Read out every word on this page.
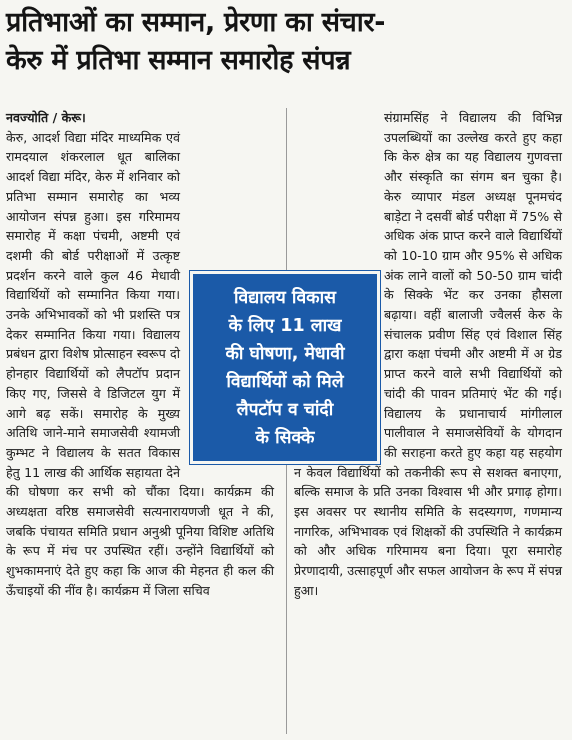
प्रतिभाओं का सम्मान, प्रेरणा का संचार-
केरु में प्रतिभा सम्मान समारोह संपन्न
नवज्योति / केरू।
केरु, आदर्श विद्या मंदिर माध्यमिक एवं रामदयाल शंकरलाल धूत बालिका आदर्श विद्या मंदिर, केरु में शनिवार को प्रतिभा सम्मान समारोह का भव्य आयोजन संपन्न हुआ। इस गरिमामय समारोह में कक्षा पंचमी, अष्टमी एवं दशमी की बोर्ड परीक्षाओं में उत्कृष्ट प्रदर्शन करने वाले कुल 46 मेधावी विद्यार्थियों को सम्मानित किया गया। उनके अभिभावकों को भी प्रशस्ति पत्र देकर सम्मानित किया गया। विद्यालय प्रबंधन द्वारा विशेष प्रोत्साहन स्वरूप दो होनहार विद्यार्थियों को लैपटॉप प्रदान किए गए, जिससे वे डिजिटल युग में आगे बढ़ सकें। समारोह के मुख्य अतिथि जाने-माने समाजसेवी श्यामजी कुम्भट ने विद्यालय के सतत विकास हेतु 11 लाख की आर्थिक सहायता देने की घोषणा कर सभी को चौंका दिया। कार्यक्रम की अध्यक्षता वरिष्ठ समाजसेवी सत्यनारायणजी धूत ने की, जबकि पंचायत समिति प्रधान अनुश्री पूनिया विशिष्ट अतिथि के रूप में मंच पर उपस्थित रहीं। उन्होंने विद्यार्थियों को शुभकामनाएं देते हुए कहा कि आज की मेहनत ही कल की ऊँचाइयों की नींव है। कार्यक्रम में जिला सचिव
संग्रामसिंह ने विद्यालय की विभिन्न उपलब्धियों का उल्लेख करते हुए कहा कि केरु क्षेत्र का यह विद्यालय गुणवत्ता और संस्कृति का संगम बन चुका है। केरु व्यापार मंडल अध्यक्ष पूनमचंद बाड़ेटा ने दसवीं बोर्ड परीक्षा में 75% से अधिक अंक प्राप्त करने वाले विद्यार्थियों को 10-10 ग्राम और 95% से अधिक अंक लाने वालों को 50-50 ग्राम चांदी के सिक्के भेंट कर उनका हौसला बढ़ाया। वहीं बालाजी ज्वैलर्स केरु के संचालक प्रवीण सिंह एवं विशाल सिंह द्वारा कक्षा पंचमी और अष्टमी में अ ग्रेड प्राप्त करने वाले सभी विद्यार्थियों को चांदी की पावन प्रतिमाएं भेंट की गई। विद्यालय के प्रधानाचार्य मांगीलाल पालीवाल ने समाजसेवियों के योगदान की सराहना करते हुए कहा यह सहयोग न केवल विद्यार्थियों को तकनीकी रूप से सशक्त बनाएगा, बल्कि समाज के प्रति उनका विश्वास भी और प्रगाढ़ होगा। इस अवसर पर स्थानीय समिति के सदस्यगण, गणमान्य नागरिक, अभिभावक एवं शिक्षकों की उपस्थिति ने कार्यक्रम को और अधिक गरिमामय बना दिया। पूरा समारोह प्रेरणादायी, उत्साहपूर्ण और सफल आयोजन के रूप में संपन्न हुआ।
विद्यालय विकास
के लिए 11 लाख
की घोषणा, मेधावी
विद्यार्थियों को मिले
लैपटॉप व चांदी
के सिक्के
